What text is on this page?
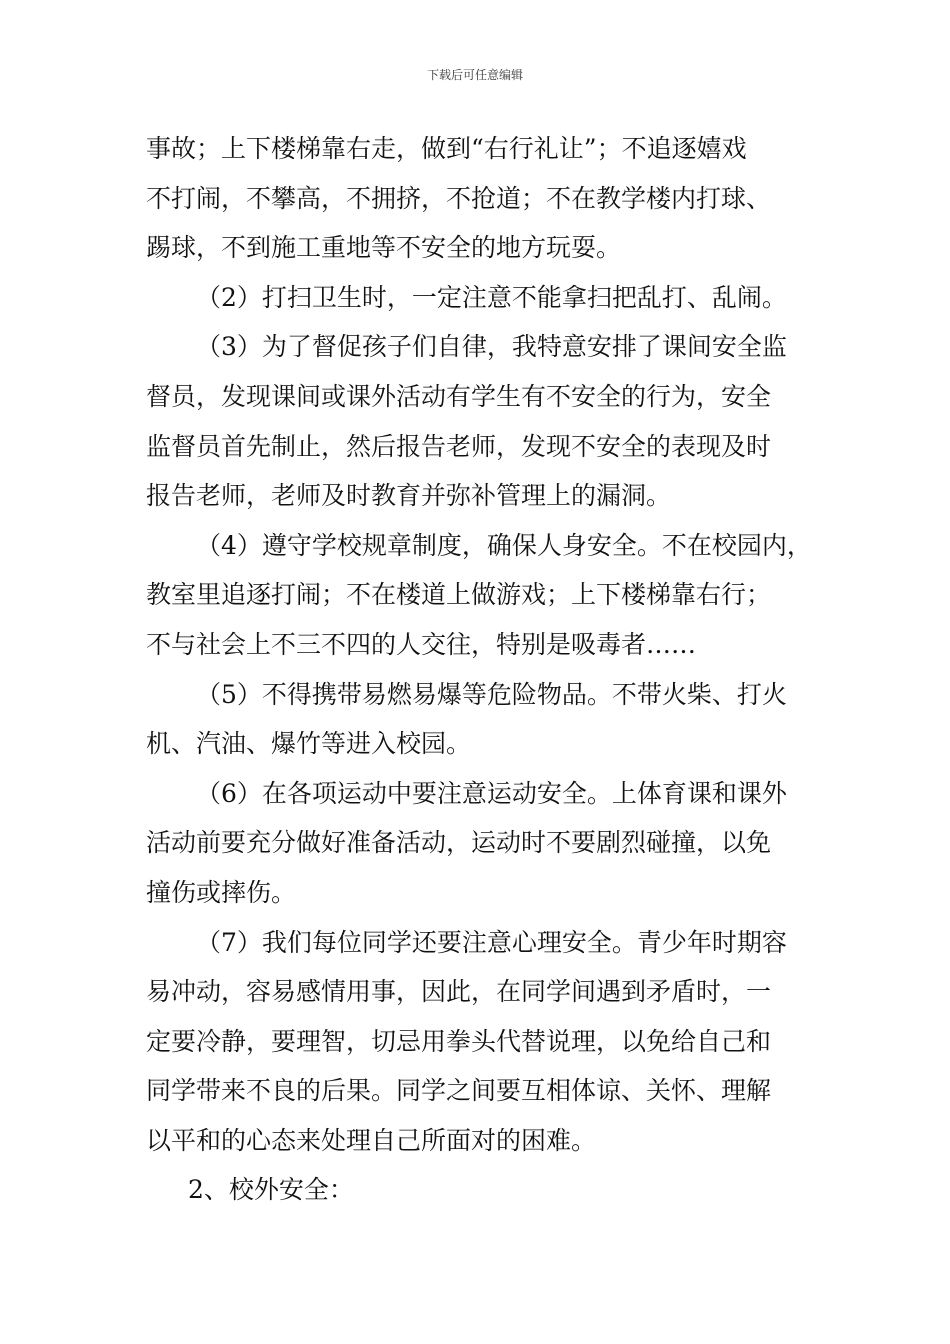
下载后可任意编辑
事故；上下楼梯靠右走，做到“右行礼让”；不追逐嬉戏
不打闹，不攀高，不拥挤，不抢道；不在教学楼内打球、
踢球，不到施工重地等不安全的地方玩耍。
（2）打扫卫生时，一定注意不能拿扫把乱打、乱闹。
（3）为了督促孩子们自律，我特意安排了课间安全监
督员，发现课间或课外活动有学生有不安全的行为，安全
监督员首先制止，然后报告老师，发现不安全的表现及时
报告老师，老师及时教育并弥补管理上的漏洞。
（4）遵守学校规章制度，确保人身安全。不在校园内，
教室里追逐打闹；不在楼道上做游戏；上下楼梯靠右行；
不与社会上不三不四的人交往，特别是吸毒者……
（5）不得携带易燃易爆等危险物品。不带火柴、打火
机、汽油、爆竹等进入校园。
（6）在各项运动中要注意运动安全。上体育课和课外
活动前要充分做好准备活动，运动时不要剧烈碰撞，以免
撞伤或摔伤。
（7）我们每位同学还要注意心理安全。青少年时期容
易冲动，容易感情用事，因此，在同学间遇到矛盾时，一
定要冷静，要理智，切忌用拳头代替说理，以免给自己和
同学带来不良的后果。同学之间要互相体谅、关怀、理解
以平和的心态来处理自己所面对的困难。
2、校外安全：
